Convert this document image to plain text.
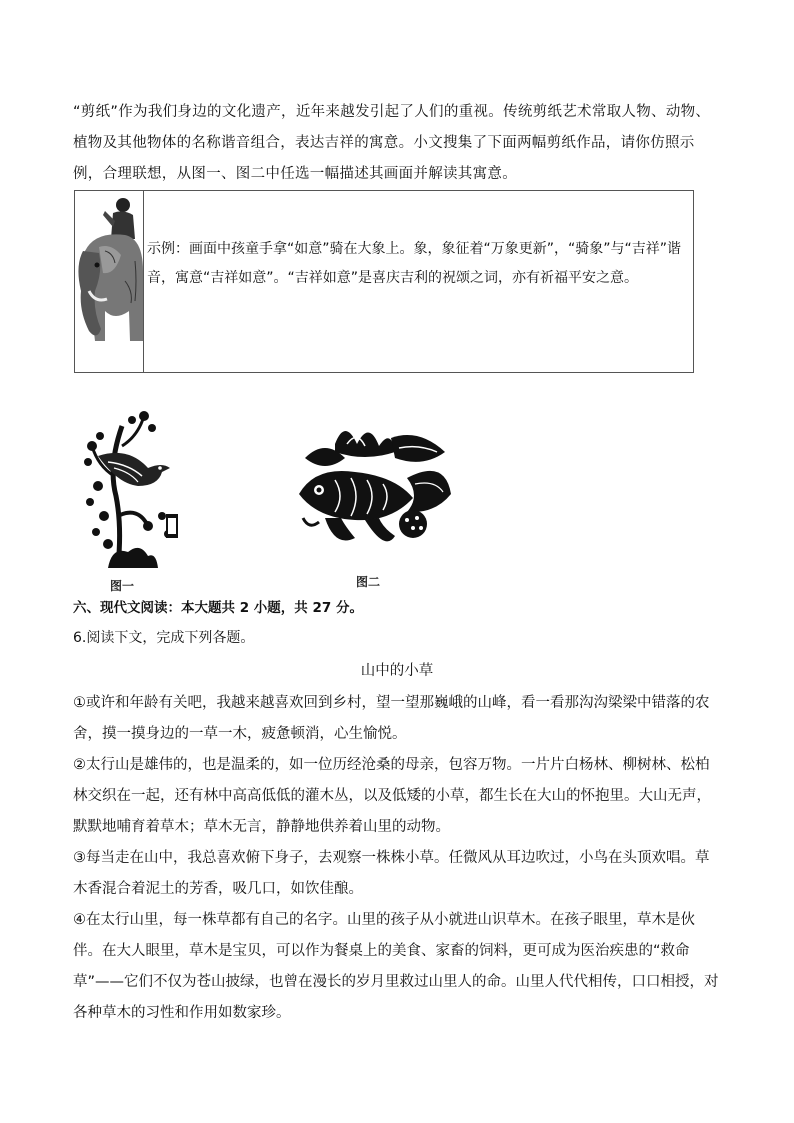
“剪纸”作为我们身边的文化遗产，近年来越发引起了人们的重视。传统剪纸艺术常取人物、动物、植物及其他物体的名称谐音组合，表达吉祥的寓意。小文搜集了下面两幅剪纸作品，请你仿照示例，合理联想，从图一、图二中任选一幅描述其画面并解读其寓意。
示例：画面中孩童手拿“如意”骑在大象上。象，象征着“万象更新”，“骑象”与“吉祥”谐音，寓意“吉祥如意”。“吉祥如意”是喜庆吉利的祝颂之词，亦有祈福平安之意。
图一	图二
六、现代文阅读：本大题共 2 小题，共 27 分。
6.阅读下文，完成下列各题。
山中的小草
①或许和年龄有关吧，我越来越喜欢回到乡村，望一望那巍峨的山峰，看一看那沟沟梁梁中错落的农舍，摸一摸身边的一草一木，疲惫顿消，心生愉悦。
②太行山是雄伟的，也是温柔的，如一位历经沧桑的母亲，包容万物。一片片白杨林、柳树林、松柏林交织在一起，还有林中高高低低的灌木丛，以及低矮的小草，都生长在大山的怀抱里。大山无声，默默地哺育着草木；草木无言，静静地供养着山里的动物。
③每当走在山中，我总喜欢俯下身子，去观察一株株小草。任微风从耳边吹过，小鸟在头顶欢唱。草木香混合着泥土的芳香，吸几口，如饮佳酿。
④在太行山里，每一株草都有自己的名字。山里的孩子从小就进山识草木。在孩子眼里，草木是伙伴。在大人眼里，草木是宝贝，可以作为餐桌上的美食、家畜的饲料，更可成为医治疾患的“救命草”——它们不仅为苍山披绿，也曾在漫长的岁月里救过山里人的命。山里人代代相传，口口相授，对各种草木的习性和作用如数家珍。
